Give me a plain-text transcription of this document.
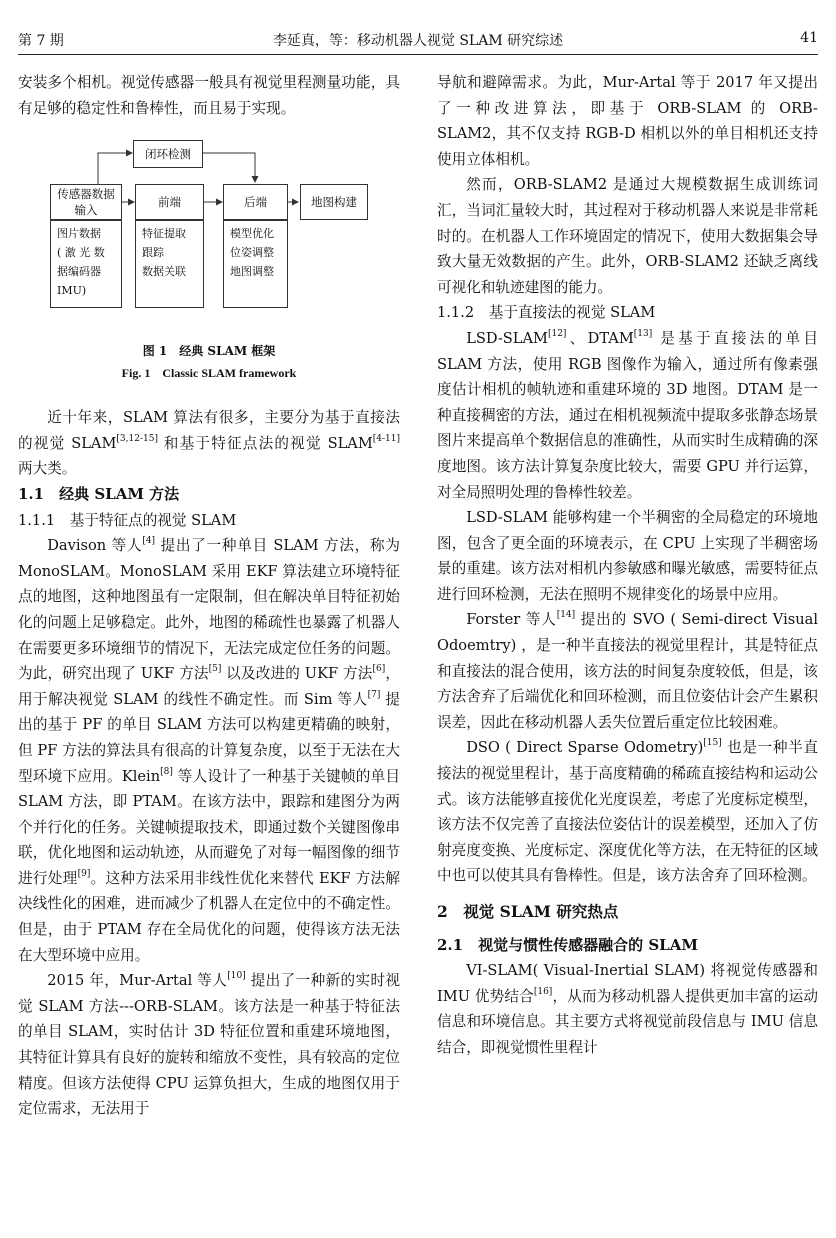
第 7 期	李延真，等：移动机器人视觉 SLAM 研究综述	41

安装多个相机。视觉传感器一般具有视觉里程测量功能，具有足够的稳定性和鲁棒性，而且易于实现。

闭环检测
传感器数据
输入
前端	后端	地图构建
图片数据
( 激 光 数
据编码器
IMU)
特征提取
跟踪
数据关联
模型优化
位姿调整
地图调整
图 1　经典 SLAM 框架
Fig. 1　Classic SLAM framework

近十年来，SLAM 算法有很多，主要分为基于直接法的视觉 SLAM[3,12-15] 和基于特征点法的视觉 SLAM[4-11] 两大类。

1.1　经典 SLAM 方法

1.1.1　基于特征点的视觉 SLAM

Davison 等人[4] 提出了一种单目 SLAM 方法，称为 MonoSLAM。MonoSLAM 采用 EKF 算法建立环境特征点的地图，这种地图虽有一定限制，但在解决单目特征初始化的问题上足够稳定。此外，地图的稀疏性也暴露了机器人在需要更多环境细节的情况下，无法完成定位任务的问题。为此，研究出现了 UKF 方法[5] 以及改进的 UKF 方法[6]，用于解决视觉 SLAM 的线性不确定性。而 Sim 等人[7] 提出的基于 PF 的单目 SLAM 方法可以构建更精确的映射，但 PF 方法的算法具有很高的计算复杂度，以至于无法在大型环境下应用。Klein[8] 等人设计了一种基于关键帧的单目 SLAM 方法，即 PTAM。在该方法中，跟踪和建图分为两个并行化的任务。关键帧提取技术，即通过数个关键图像串联，优化地图和运动轨迹，从而避免了对每一幅图像的细节进行处理[9]。这种方法采用非线性优化来替代 EKF 方法解决线性化的困难，进而减少了机器人在定位中的不确定性。但是，由于 PTAM 存在全局优化的问题，使得该方法无法在大型环境中应用。

2015 年，Mur-Artal 等人[10] 提出了一种新的实时视觉 SLAM 方法---ORB-SLAM。该方法是一种基于特征法的单目 SLAM，实时估计 3D 特征位置和重建环境地图，其特征计算具有良好的旋转和缩放不变性，具有较高的定位精度。但该方法使得 CPU 运算负担大，生成的地图仅用于定位需求，无法用于

导航和避障需求。为此，Mur-Artal 等于 2017 年又提出了一种改进算法，即基于 ORB-SLAM 的 ORB-SLAM2，其不仅支持 RGB-D 相机以外的单目相机还支持使用立体相机。

然而，ORB-SLAM2 是通过大规模数据生成训练词汇，当词汇量较大时，其过程对于移动机器人来说是非常耗时的。在机器人工作环境固定的情况下，使用大数据集会导致大量无效数据的产生。此外，ORB-SLAM2 还缺乏离线可视化和轨迹建图的能力。

1.1.2　基于直接法的视觉 SLAM

LSD-SLAM[12]、DTAM[13] 是基于直接法的单目 SLAM 方法，使用 RGB 图像作为输入，通过所有像素强度估计相机的帧轨迹和重建环境的 3D 地图。DTAM 是一种直接稠密的方法，通过在相机视频流中提取多张静态场景图片来提高单个数据信息的准确性，从而实时生成精确的深度地图。该方法计算复杂度比较大，需要 GPU 并行运算，对全局照明处理的鲁棒性较差。

LSD-SLAM 能够构建一个半稠密的全局稳定的环境地图，包含了更全面的环境表示，在 CPU 上实现了半稠密场景的重建。该方法对相机内参敏感和曝光敏感，需要特征点进行回环检测，无法在照明不规律变化的场景中应用。

Forster 等人[14] 提出的 SVO ( Semi-direct Visual Odoemtry) ，是一种半直接法的视觉里程计，其是特征点和直接法的混合使用，该方法的时间复杂度较低，但是，该方法舍弃了后端优化和回环检测，而且位姿估计会产生累积误差，因此在移动机器人丢失位置后重定位比较困难。

DSO ( Direct Sparse Odometry)[15] 也是一种半直接法的视觉里程计，基于高度精确的稀疏直接结构和运动公式。该方法能够直接优化光度误差，考虑了光度标定模型，该方法不仅完善了直接法位姿估计的误差模型，还加入了仿射亮度变换、光度标定、深度优化等方法，在无特征的区域中也可以使其具有鲁棒性。但是，该方法舍弃了回环检测。

2　视觉 SLAM 研究热点

2.1　视觉与惯性传感器融合的 SLAM

VI-SLAM( Visual-Inertial SLAM) 将视觉传感器和 IMU 优势结合[16]，从而为移动机器人提供更加丰富的运动信息和环境信息。其主要方式将视觉前段信息与 IMU 信息结合，即视觉惯性里程计
